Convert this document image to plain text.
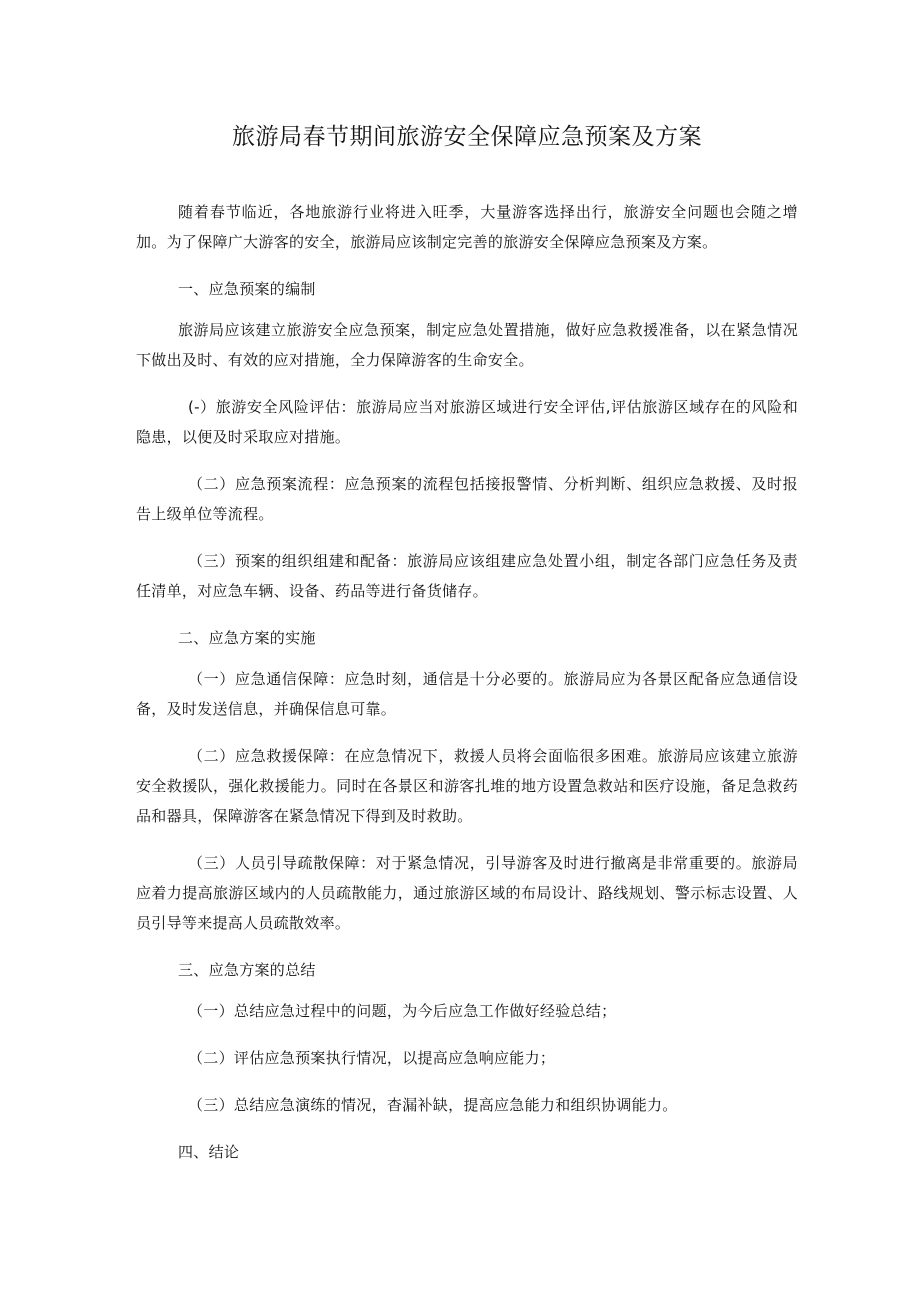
旅游局春节期间旅游安全保障应急预案及方案

随着春节临近，各地旅游行业将进入旺季，大量游客选择出行，旅游安全问题也会随之增加。为了保障广大游客的安全，旅游局应该制定完善的旅游安全保障应急预案及方案。

一、应急预案的编制

旅游局应该建立旅游安全应急预案，制定应急处置措施，做好应急救援准备，以在紧急情况下做出及时、有效的应对措施，全力保障游客的生命安全。

(-）旅游安全风险评估：旅游局应当对旅游区域进行安全评估,评估旅游区域存在的风险和隐患，以便及时采取应对措施。

（二）应急预案流程：应急预案的流程包括接报警情、分析判断、组织应急救援、及时报告上级单位等流程。

（三）预案的组织组建和配备：旅游局应该组建应急处置小组，制定各部门应急任务及责任清单，对应急车辆、设备、药品等进行备货储存。

二、应急方案的实施

（一）应急通信保障：应急时刻，通信是十分必要的。旅游局应为各景区配备应急通信设备，及时发送信息，并确保信息可靠。

（二）应急救援保障：在应急情况下，救援人员将会面临很多困难。旅游局应该建立旅游安全救援队，强化救援能力。同时在各景区和游客扎堆的地方设置急救站和医疗设施，备足急救药品和器具，保障游客在紧急情况下得到及时救助。

（三）人员引导疏散保障：对于紧急情况，引导游客及时进行撤离是非常重要的。旅游局应着力提高旅游区域内的人员疏散能力，通过旅游区域的布局设计、路线规划、警示标志设置、人员引导等来提高人员疏散效率。

三、应急方案的总结

（一）总结应急过程中的问题，为今后应急工作做好经验总结；

（二）评估应急预案执行情况，以提高应急响应能力；

（三）总结应急演练的情况，杳漏补缺，提高应急能力和组织协调能力。

四、结论
